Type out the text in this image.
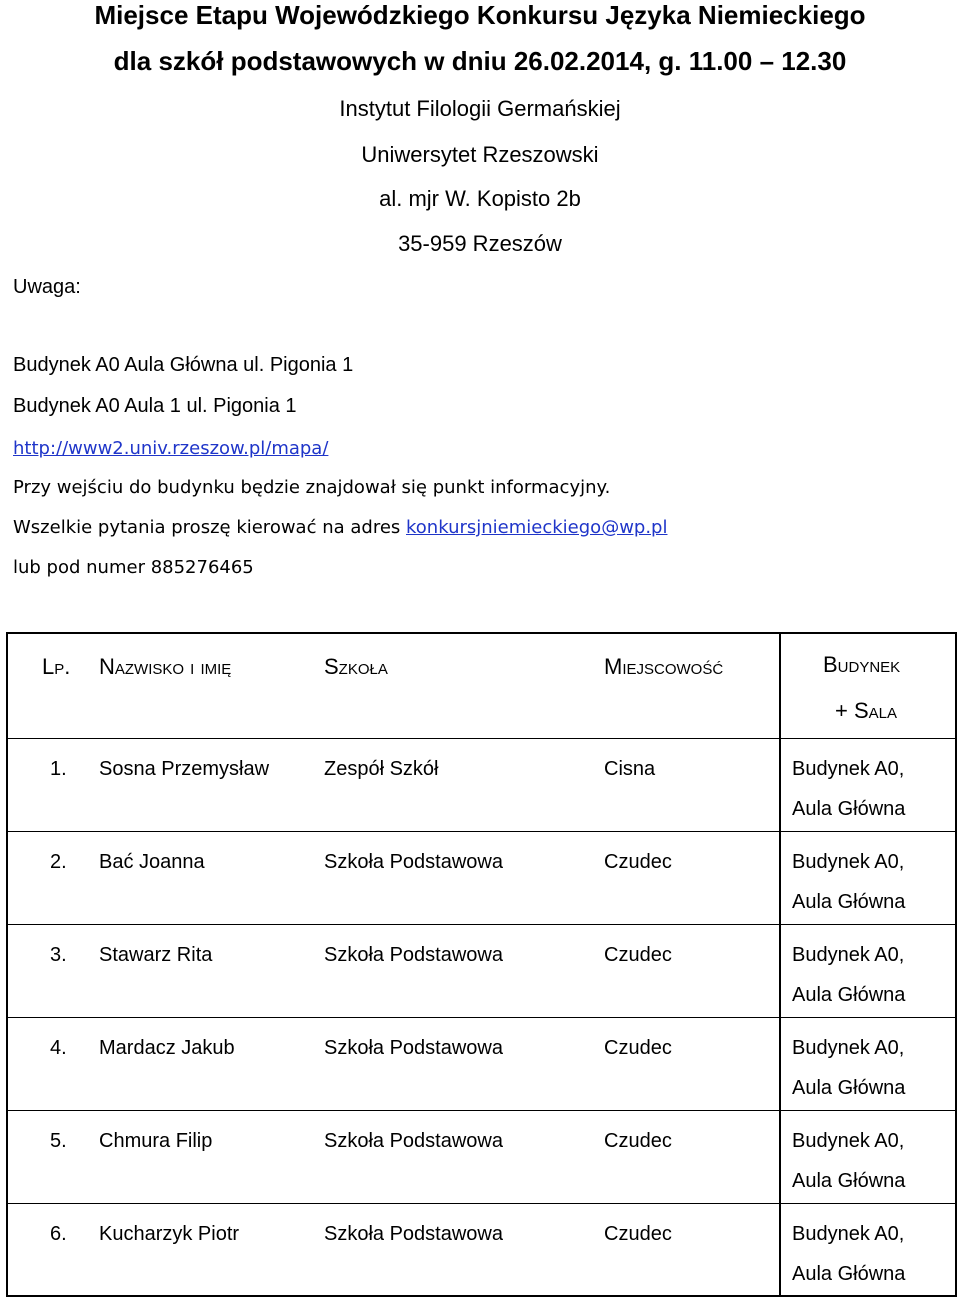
Miejsce Etapu Wojewódzkiego Konkursu Języka Niemieckiego
dla szkół podstawowych w dniu 26.02.2014, g. 11.00 – 12.30
Instytut Filologii Germańskiej
Uniwersytet Rzeszowski
al. mjr W. Kopisto 2b
35-959 Rzeszów
Uwaga:
Budynek A0 Aula Główna ul. Pigonia 1
Budynek A0 Aula 1 ul. Pigonia 1
http://www2.univ.rzeszow.pl/mapa/
Przy wejściu do budynku będzie znajdował się punkt informacyjny.
Wszelkie pytania proszę kierować na adres konkursjniemieckiego@wp.pl
lub pod numer 885276465
Lp.	Nazwisko i imię	Szkoła	Miejscowość	Budynek
+ Sala

1.	Sosna Przemysław	Zespół Szkół	Cisna	Budynek A0,
Aula Główna

2.	Bać Joanna	Szkoła Podstawowa	Czudec	Budynek A0,
Aula Główna

3.	Stawarz Rita	Szkoła Podstawowa	Czudec	Budynek A0,
Aula Główna

4.	Mardacz Jakub	Szkoła Podstawowa	Czudec	Budynek A0,
Aula Główna

5.	Chmura Filip	Szkoła Podstawowa	Czudec	Budynek A0,
Aula Główna

6.	Kucharzyk Piotr	Szkoła Podstawowa	Czudec	Budynek A0,
Aula Główna
